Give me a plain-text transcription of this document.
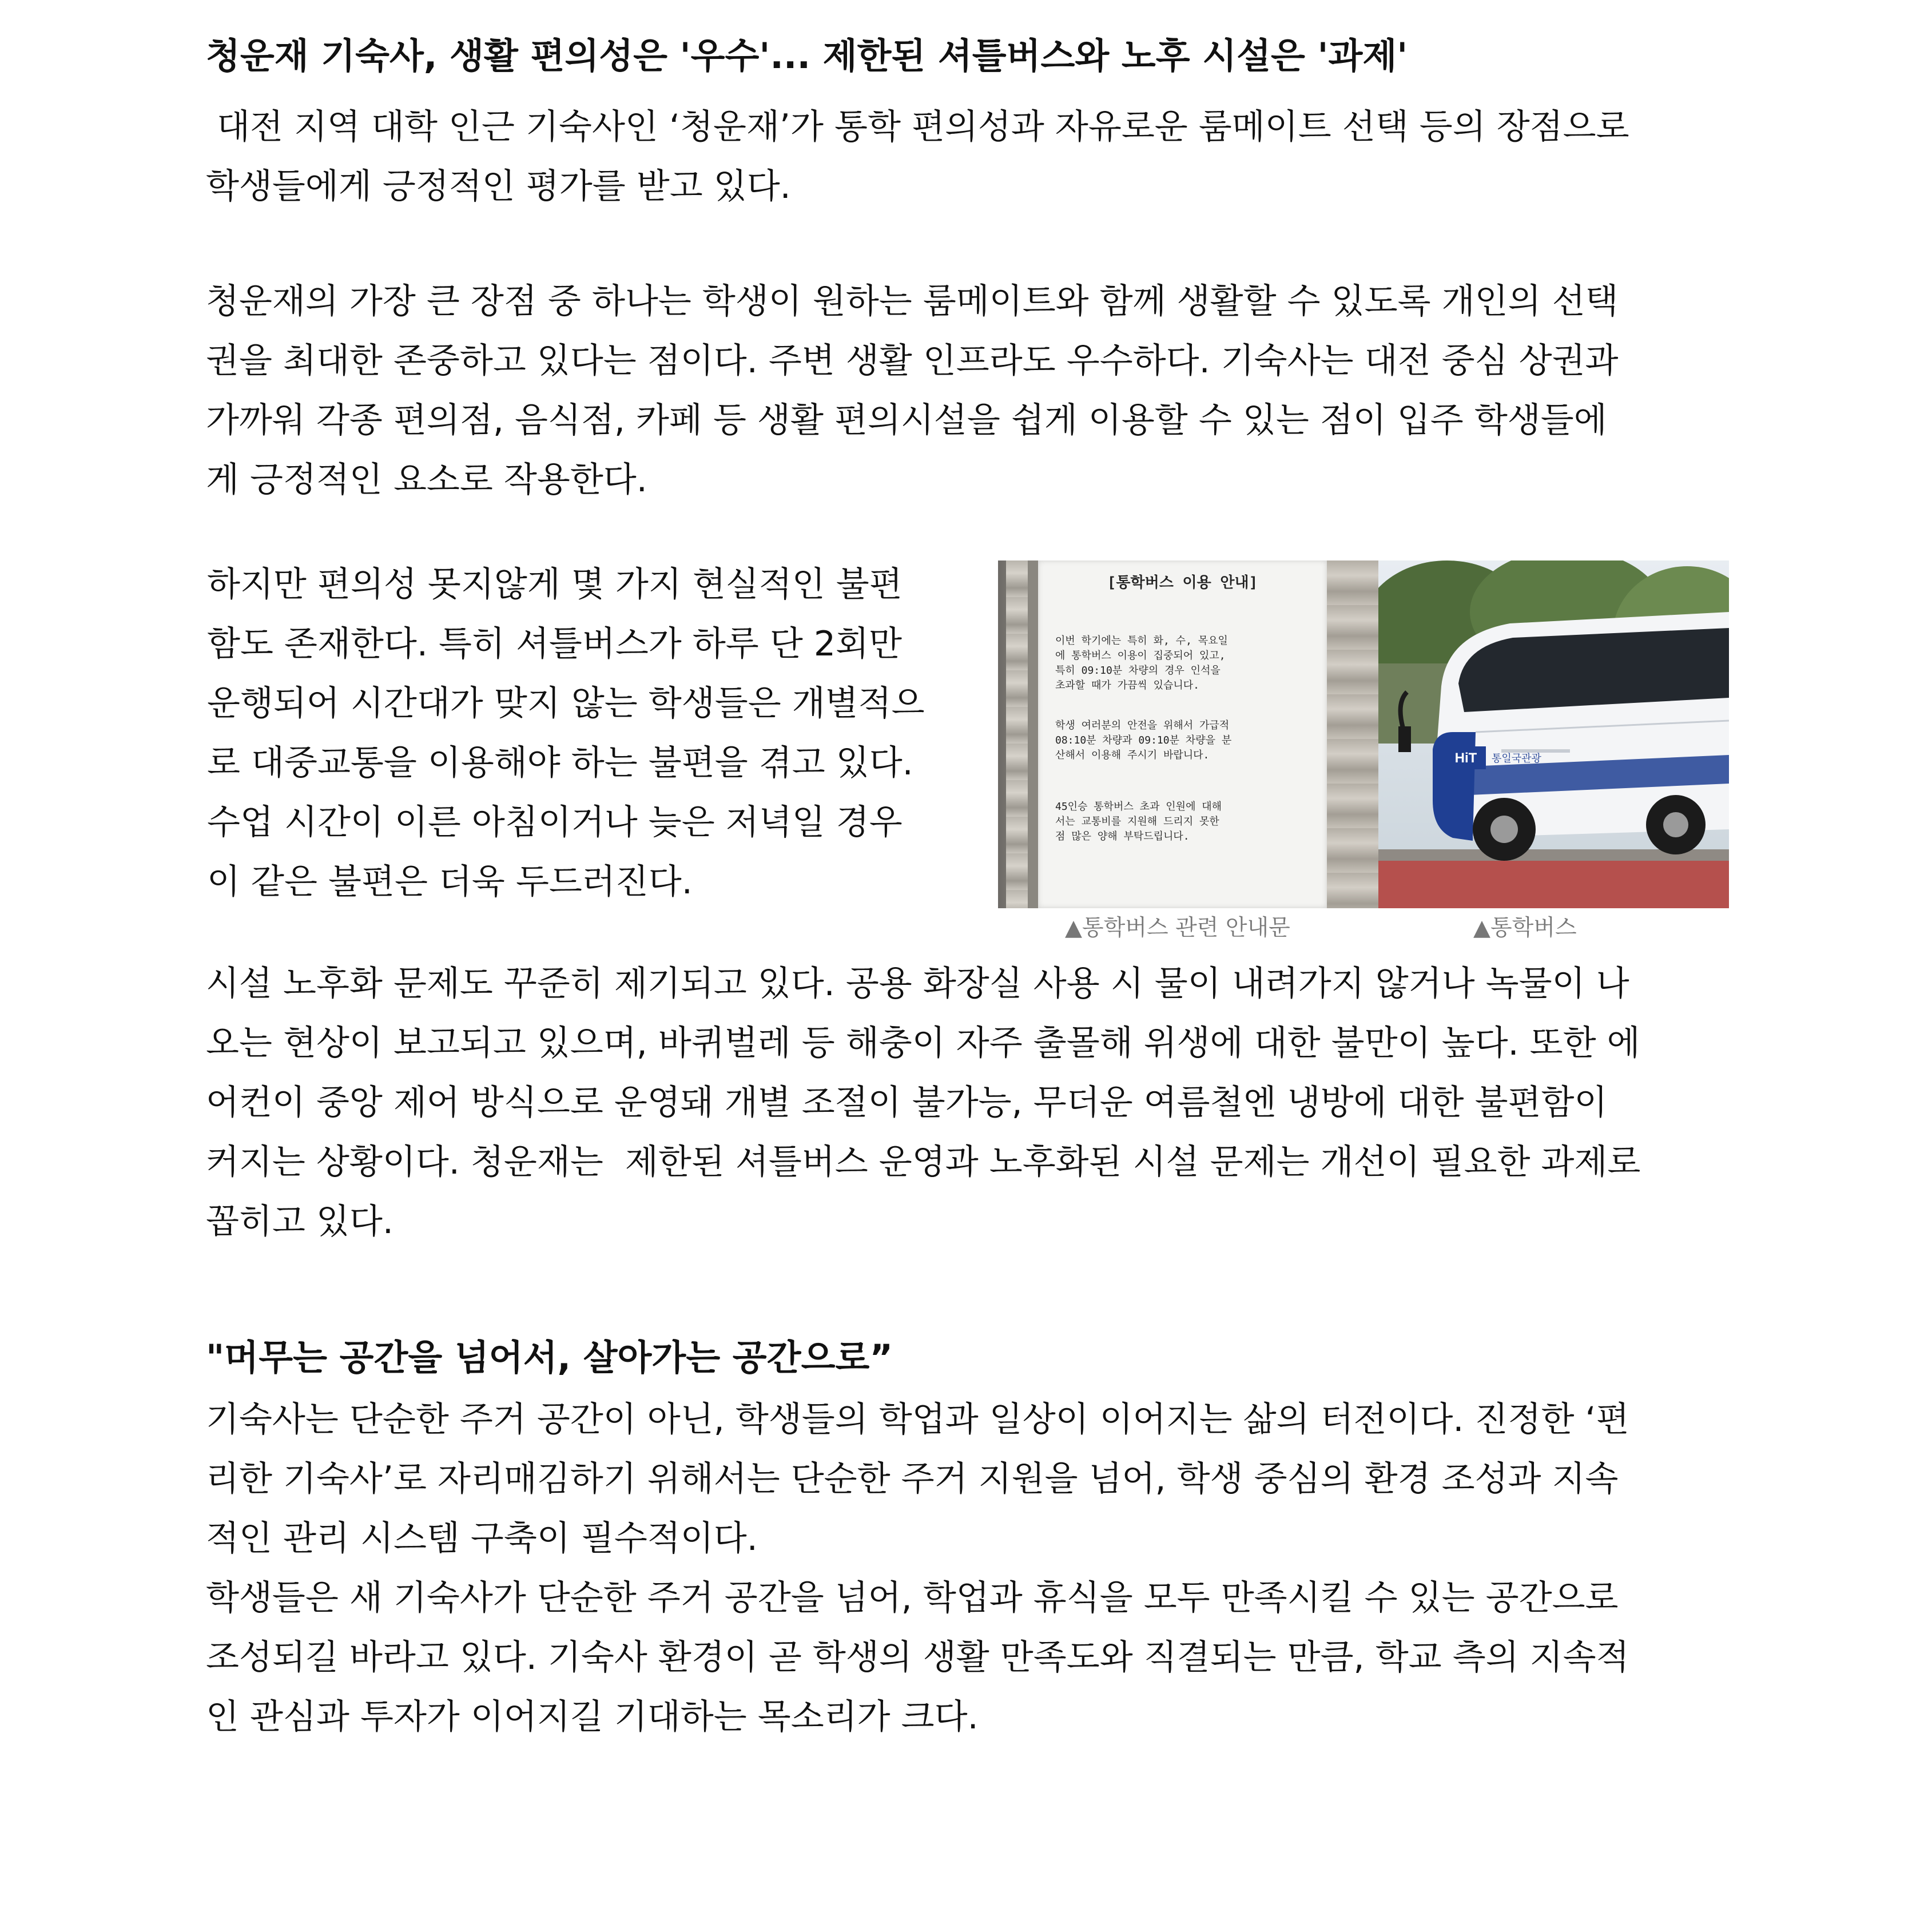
청운재 기숙사, 생활 편의성은 '우수'... 제한된 셔틀버스와 노후 시설은 '과제'
대전 지역 대학 인근 기숙사인 ‘청운재’가 통학 편의성과 자유로운 룸메이트 선택 등의 장점으로
학생들에게 긍정적인 평가를 받고 있다.
청운재의 가장 큰 장점 중 하나는 학생이 원하는 룸메이트와 함께 생활할 수 있도록 개인의 선택
권을 최대한 존중하고 있다는 점이다. 주변 생활 인프라도 우수하다. 기숙사는 대전 중심 상권과
가까워 각종 편의점, 음식점, 카페 등 생활 편의시설을 쉽게 이용할 수 있는 점이 입주 학생들에
게 긍정적인 요소로 작용한다.
하지만 편의성 못지않게 몇 가지 현실적인 불편
함도 존재한다. 특히 셔틀버스가 하루 단 2회만
운행되어 시간대가 맞지 않는 학생들은 개별적으
로 대중교통을 이용해야 하는 불편을 겪고 있다.
수업 시간이 이른 아침이거나 늦은 저녁일 경우
이 같은 불편은 더욱 두드러진다.
[통학버스 이용 안내]
이번 학기에는 특히 화, 수, 목요일
에 통학버스 이용이 집중되어 있고,
특히 09:10분 차량의 경우 인석을
초과할 때가 가끔씩 있습니다.
학생 여러분의 안전을 위해서 가급적
08:10분 차량과 09:10분 차량을 분
산해서 이용해 주시기 바랍니다.
45인승 통학버스 초과 인원에 대해
서는 교통비를 지원해 드리지 못한
점 많은 양해 부탁드립니다.
HiT 통일국관광
▲통학버스 관련 안내문	▲통학버스
시설 노후화 문제도 꾸준히 제기되고 있다. 공용 화장실 사용 시 물이 내려가지 않거나 녹물이 나
오는 현상이 보고되고 있으며, 바퀴벌레 등 해충이 자주 출몰해 위생에 대한 불만이 높다. 또한 에
어컨이 중앙 제어 방식으로 운영돼 개별 조절이 불가능, 무더운 여름철엔 냉방에 대한 불편함이
커지는 상황이다. 청운재는  제한된 셔틀버스 운영과 노후화된 시설 문제는 개선이 필요한 과제로
꼽히고 있다.
"머무는 공간을 넘어서, 살아가는 공간으로”
기숙사는 단순한 주거 공간이 아닌, 학생들의 학업과 일상이 이어지는 삶의 터전이다. 진정한 ‘편
리한 기숙사’로 자리매김하기 위해서는 단순한 주거 지원을 넘어, 학생 중심의 환경 조성과 지속
적인 관리 시스템 구축이 필수적이다.
학생들은 새 기숙사가 단순한 주거 공간을 넘어, 학업과 휴식을 모두 만족시킬 수 있는 공간으로
조성되길 바라고 있다. 기숙사 환경이 곧 학생의 생활 만족도와 직결되는 만큼, 학교 측의 지속적
인 관심과 투자가 이어지길 기대하는 목소리가 크다.
